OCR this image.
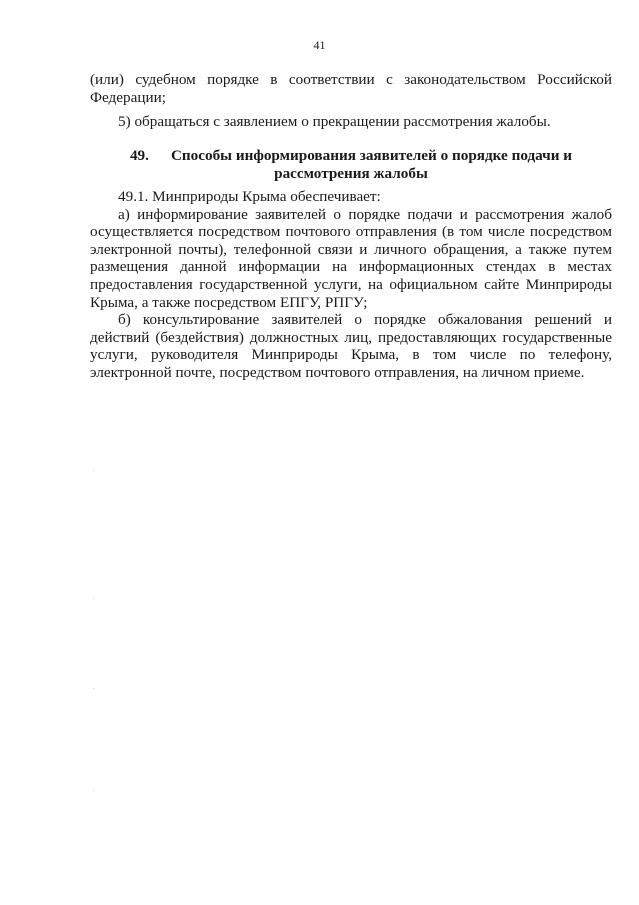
41

(или) судебном порядке в соответствии с законодательством Российской Федерации;

5) обращаться с заявлением о прекращении рассмотрения жалобы.

49. Способы информирования заявителей о порядке подачи и рассмотрения жалобы

49.1. Минприроды Крыма обеспечивает:

а) информирование заявителей о порядке подачи и рассмотрения жалоб осуществляется посредством почтового отправления (в том числе посредством электронной почты), телефонной связи и личного обращения, а также путем размещения данной информации на информационных стендах в местах предоставления государственной услуги, на официальном сайте Минприроды Крыма, а также посредством ЕПГУ, РПГУ;

б) консультирование заявителей о порядке обжалования решений и действий (бездействия) должностных лиц, предоставляющих государственные услуги, руководителя Минприроды Крыма, в том числе по телефону, электронной почте, посредством почтового отправления, на личном приеме.
